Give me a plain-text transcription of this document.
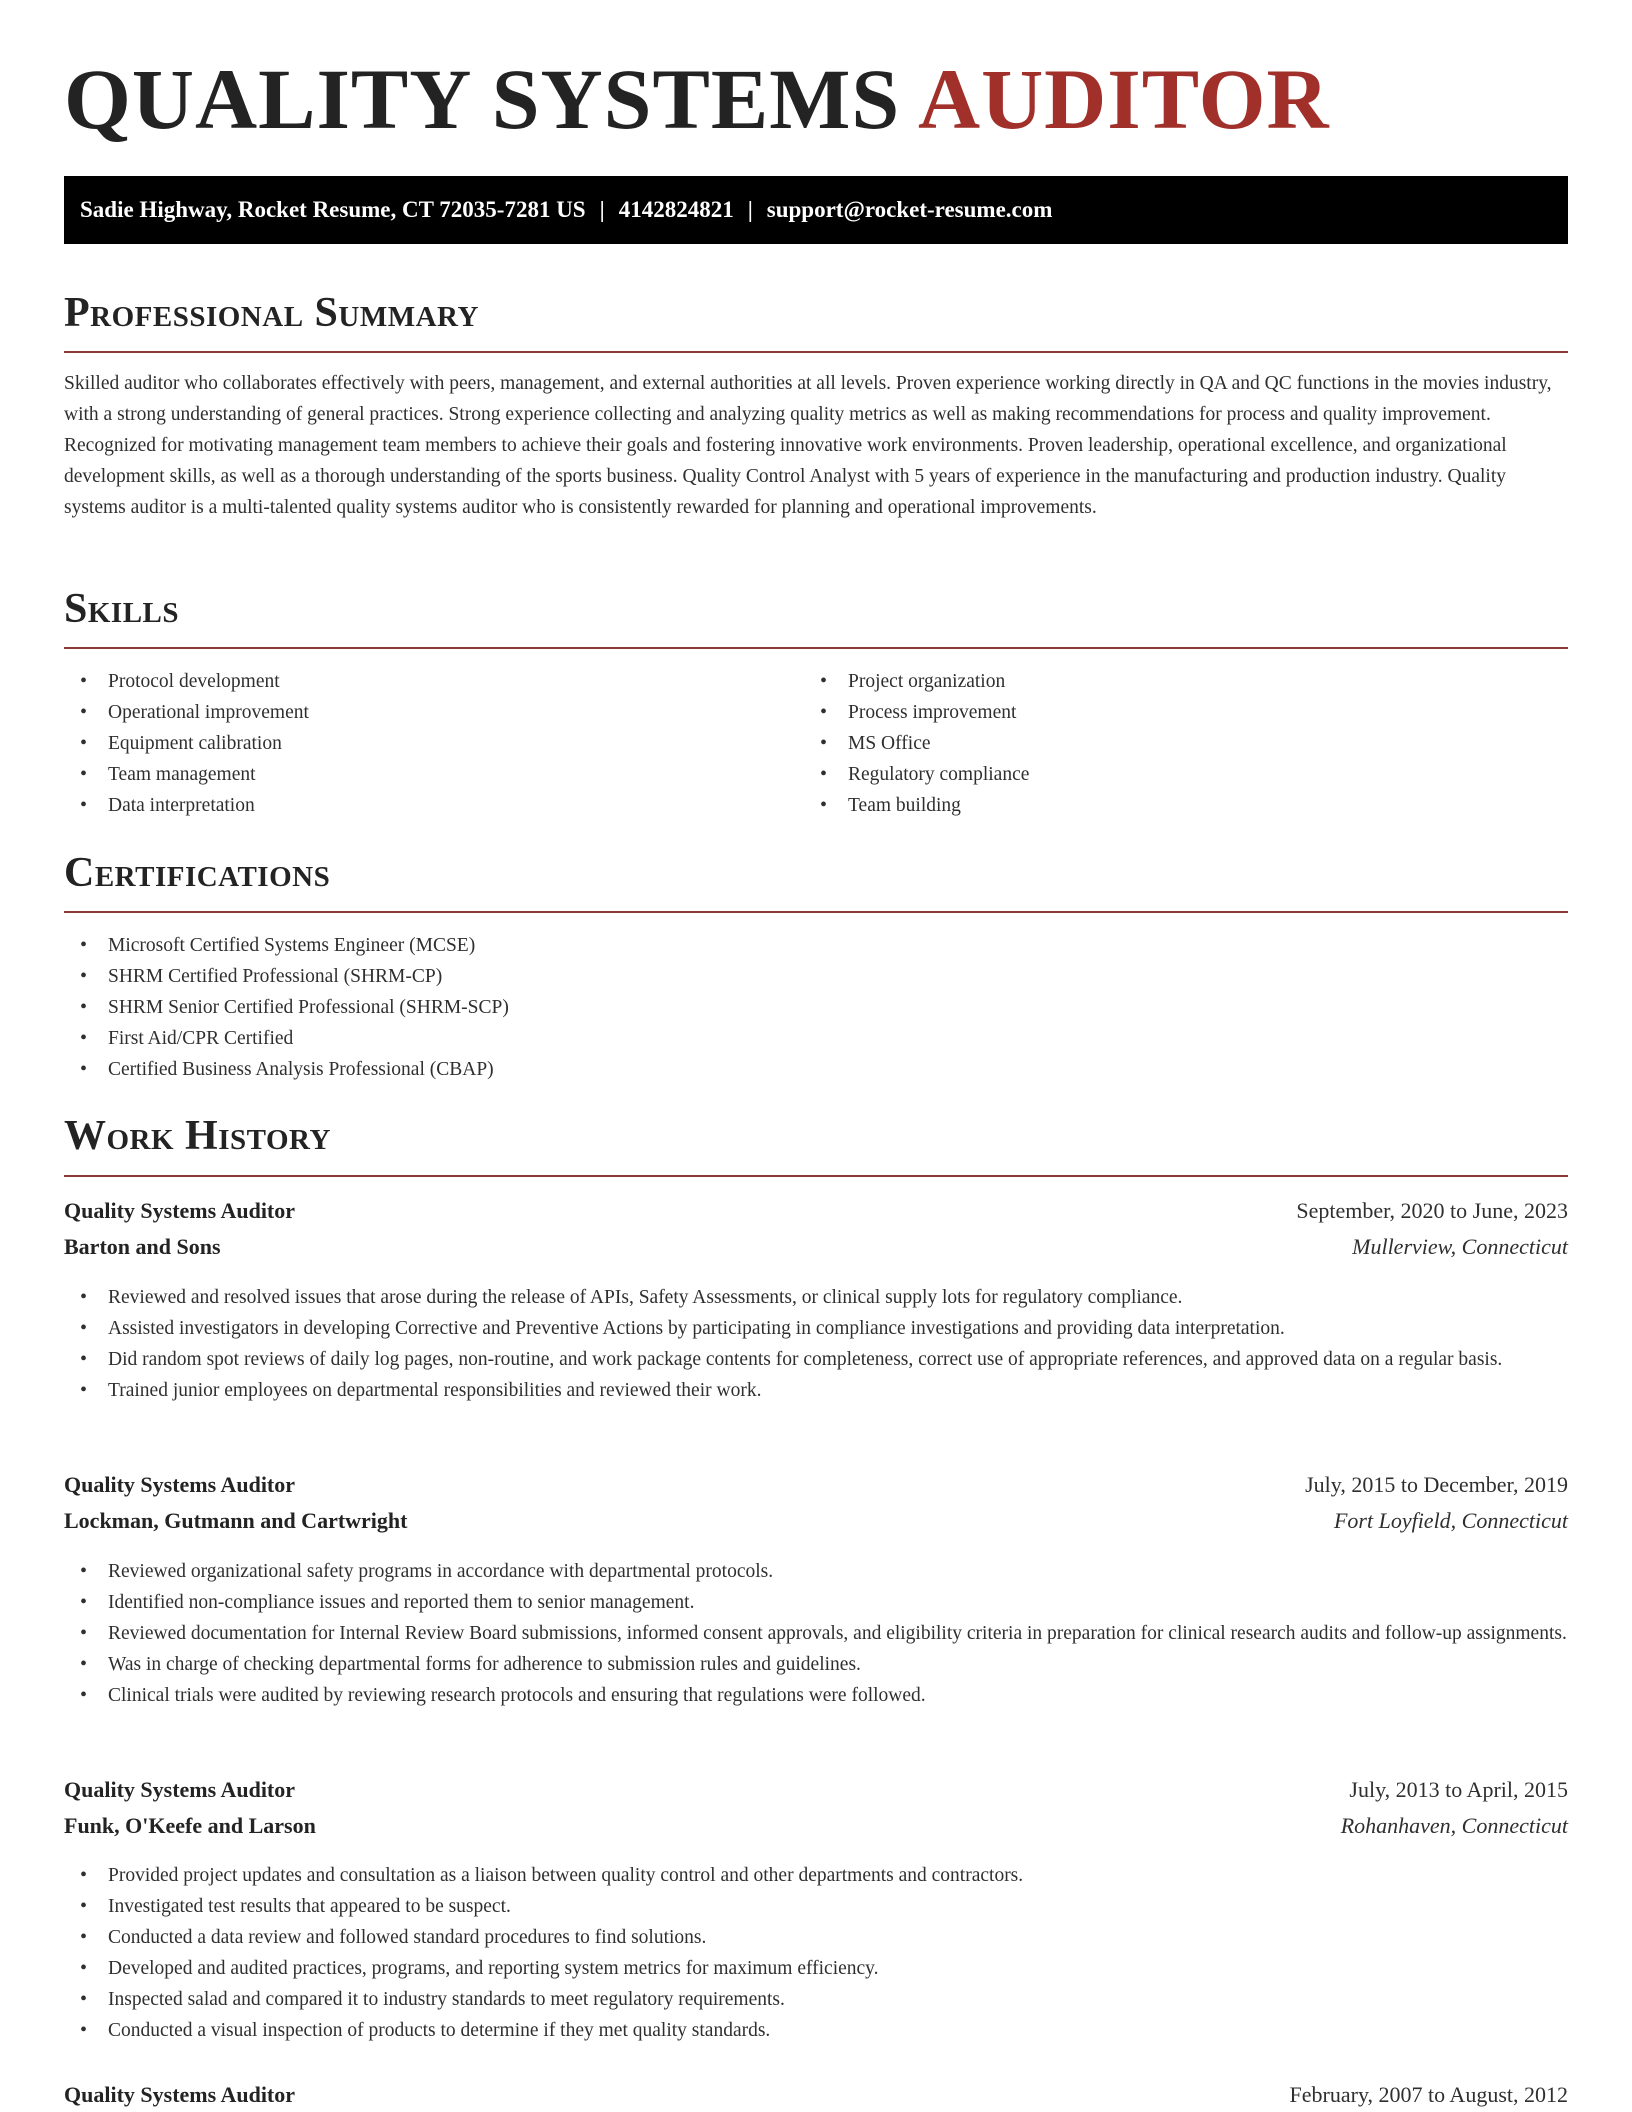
QUALITY SYSTEMS AUDITOR
Sadie Highway, Rocket Resume, CT 72035-7281 US | 4142824821 | support@rocket-resume.com
Professional Summary
Skilled auditor who collaborates effectively with peers, management, and external authorities at all levels. Proven experience working directly in QA and QC functions in the movies industry, with a strong understanding of general practices. Strong experience collecting and analyzing quality metrics as well as making recommendations for process and quality improvement. Recognized for motivating management team members to achieve their goals and fostering innovative work environments. Proven leadership, operational excellence, and organizational development skills, as well as a thorough understanding of the sports business. Quality Control Analyst with 5 years of experience in the manufacturing and production industry. Quality systems auditor is a multi-talented quality systems auditor who is consistently rewarded for planning and operational improvements.
Skills
• Protocol development
• Operational improvement
• Equipment calibration
• Team management
• Data interpretation
• Project organization
• Process improvement
• MS Office
• Regulatory compliance
• Team building
Certifications
• Microsoft Certified Systems Engineer (MCSE)
• SHRM Certified Professional (SHRM-CP)
• SHRM Senior Certified Professional (SHRM-SCP)
• First Aid/CPR Certified
• Certified Business Analysis Professional (CBAP)
Work History
Quality Systems Auditor	September, 2020 to June, 2023
Barton and Sons	Mullerview, Connecticut
• Reviewed and resolved issues that arose during the release of APIs, Safety Assessments, or clinical supply lots for regulatory compliance.
• Assisted investigators in developing Corrective and Preventive Actions by participating in compliance investigations and providing data interpretation.
• Did random spot reviews of daily log pages, non-routine, and work package contents for completeness, correct use of appropriate references, and approved data on a regular basis.
• Trained junior employees on departmental responsibilities and reviewed their work.
Quality Systems Auditor	July, 2015 to December, 2019
Lockman, Gutmann and Cartwright	Fort Loyfield, Connecticut
• Reviewed organizational safety programs in accordance with departmental protocols.
• Identified non-compliance issues and reported them to senior management.
• Reviewed documentation for Internal Review Board submissions, informed consent approvals, and eligibility criteria in preparation for clinical research audits and follow-up assignments.
• Was in charge of checking departmental forms for adherence to submission rules and guidelines.
• Clinical trials were audited by reviewing research protocols and ensuring that regulations were followed.
Quality Systems Auditor	July, 2013 to April, 2015
Funk, O'Keefe and Larson	Rohanhaven, Connecticut
• Provided project updates and consultation as a liaison between quality control and other departments and contractors.
• Investigated test results that appeared to be suspect.
• Conducted a data review and followed standard procedures to find solutions.
• Developed and audited practices, programs, and reporting system metrics for maximum efficiency.
• Inspected salad and compared it to industry standards to meet regulatory requirements.
• Conducted a visual inspection of products to determine if they met quality standards.
Quality Systems Auditor	February, 2007 to August, 2012
